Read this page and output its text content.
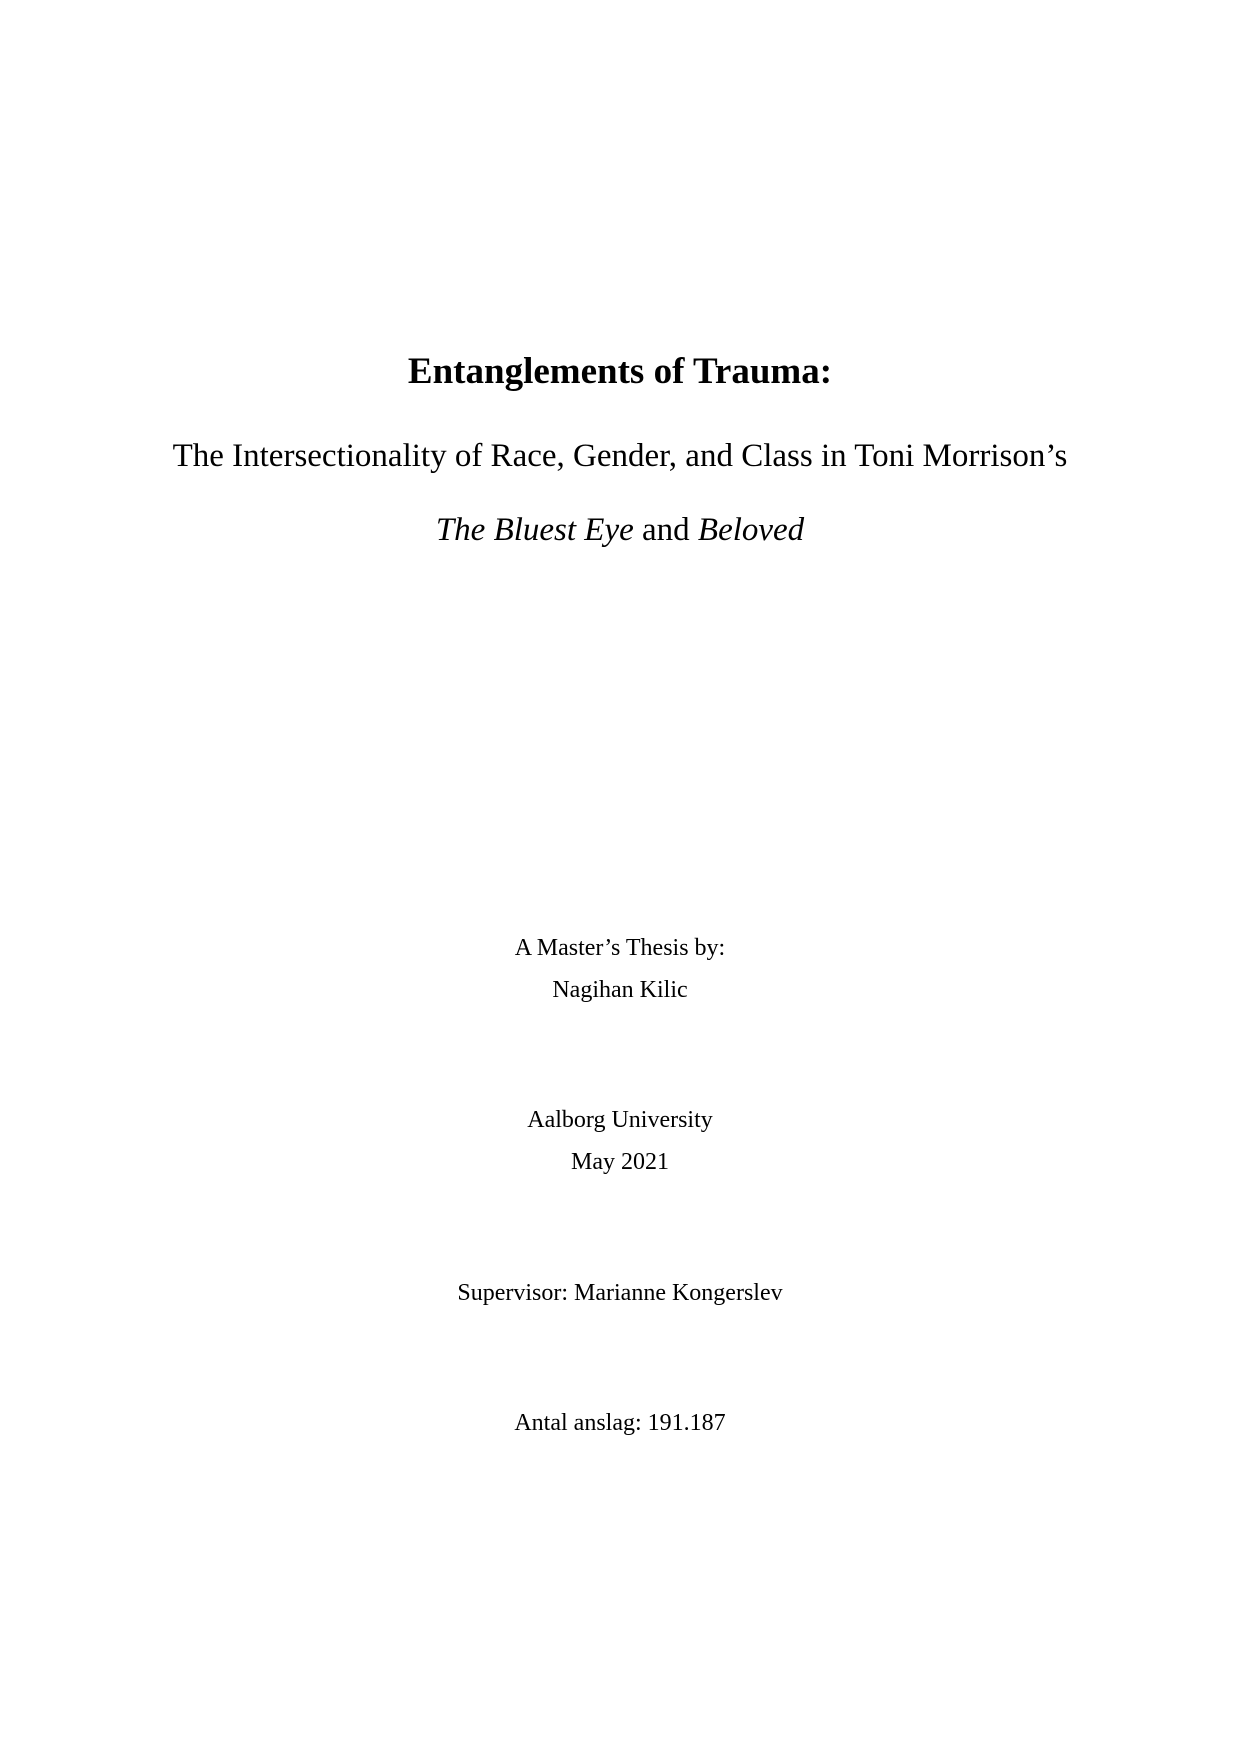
Entanglements of Trauma:
The Intersectionality of Race, Gender, and Class in Toni Morrison’s
The Bluest Eye and Beloved
A Master’s Thesis by:
Nagihan Kilic
Aalborg University
May 2021
Supervisor: Marianne Kongerslev
Antal anslag: 191.187
